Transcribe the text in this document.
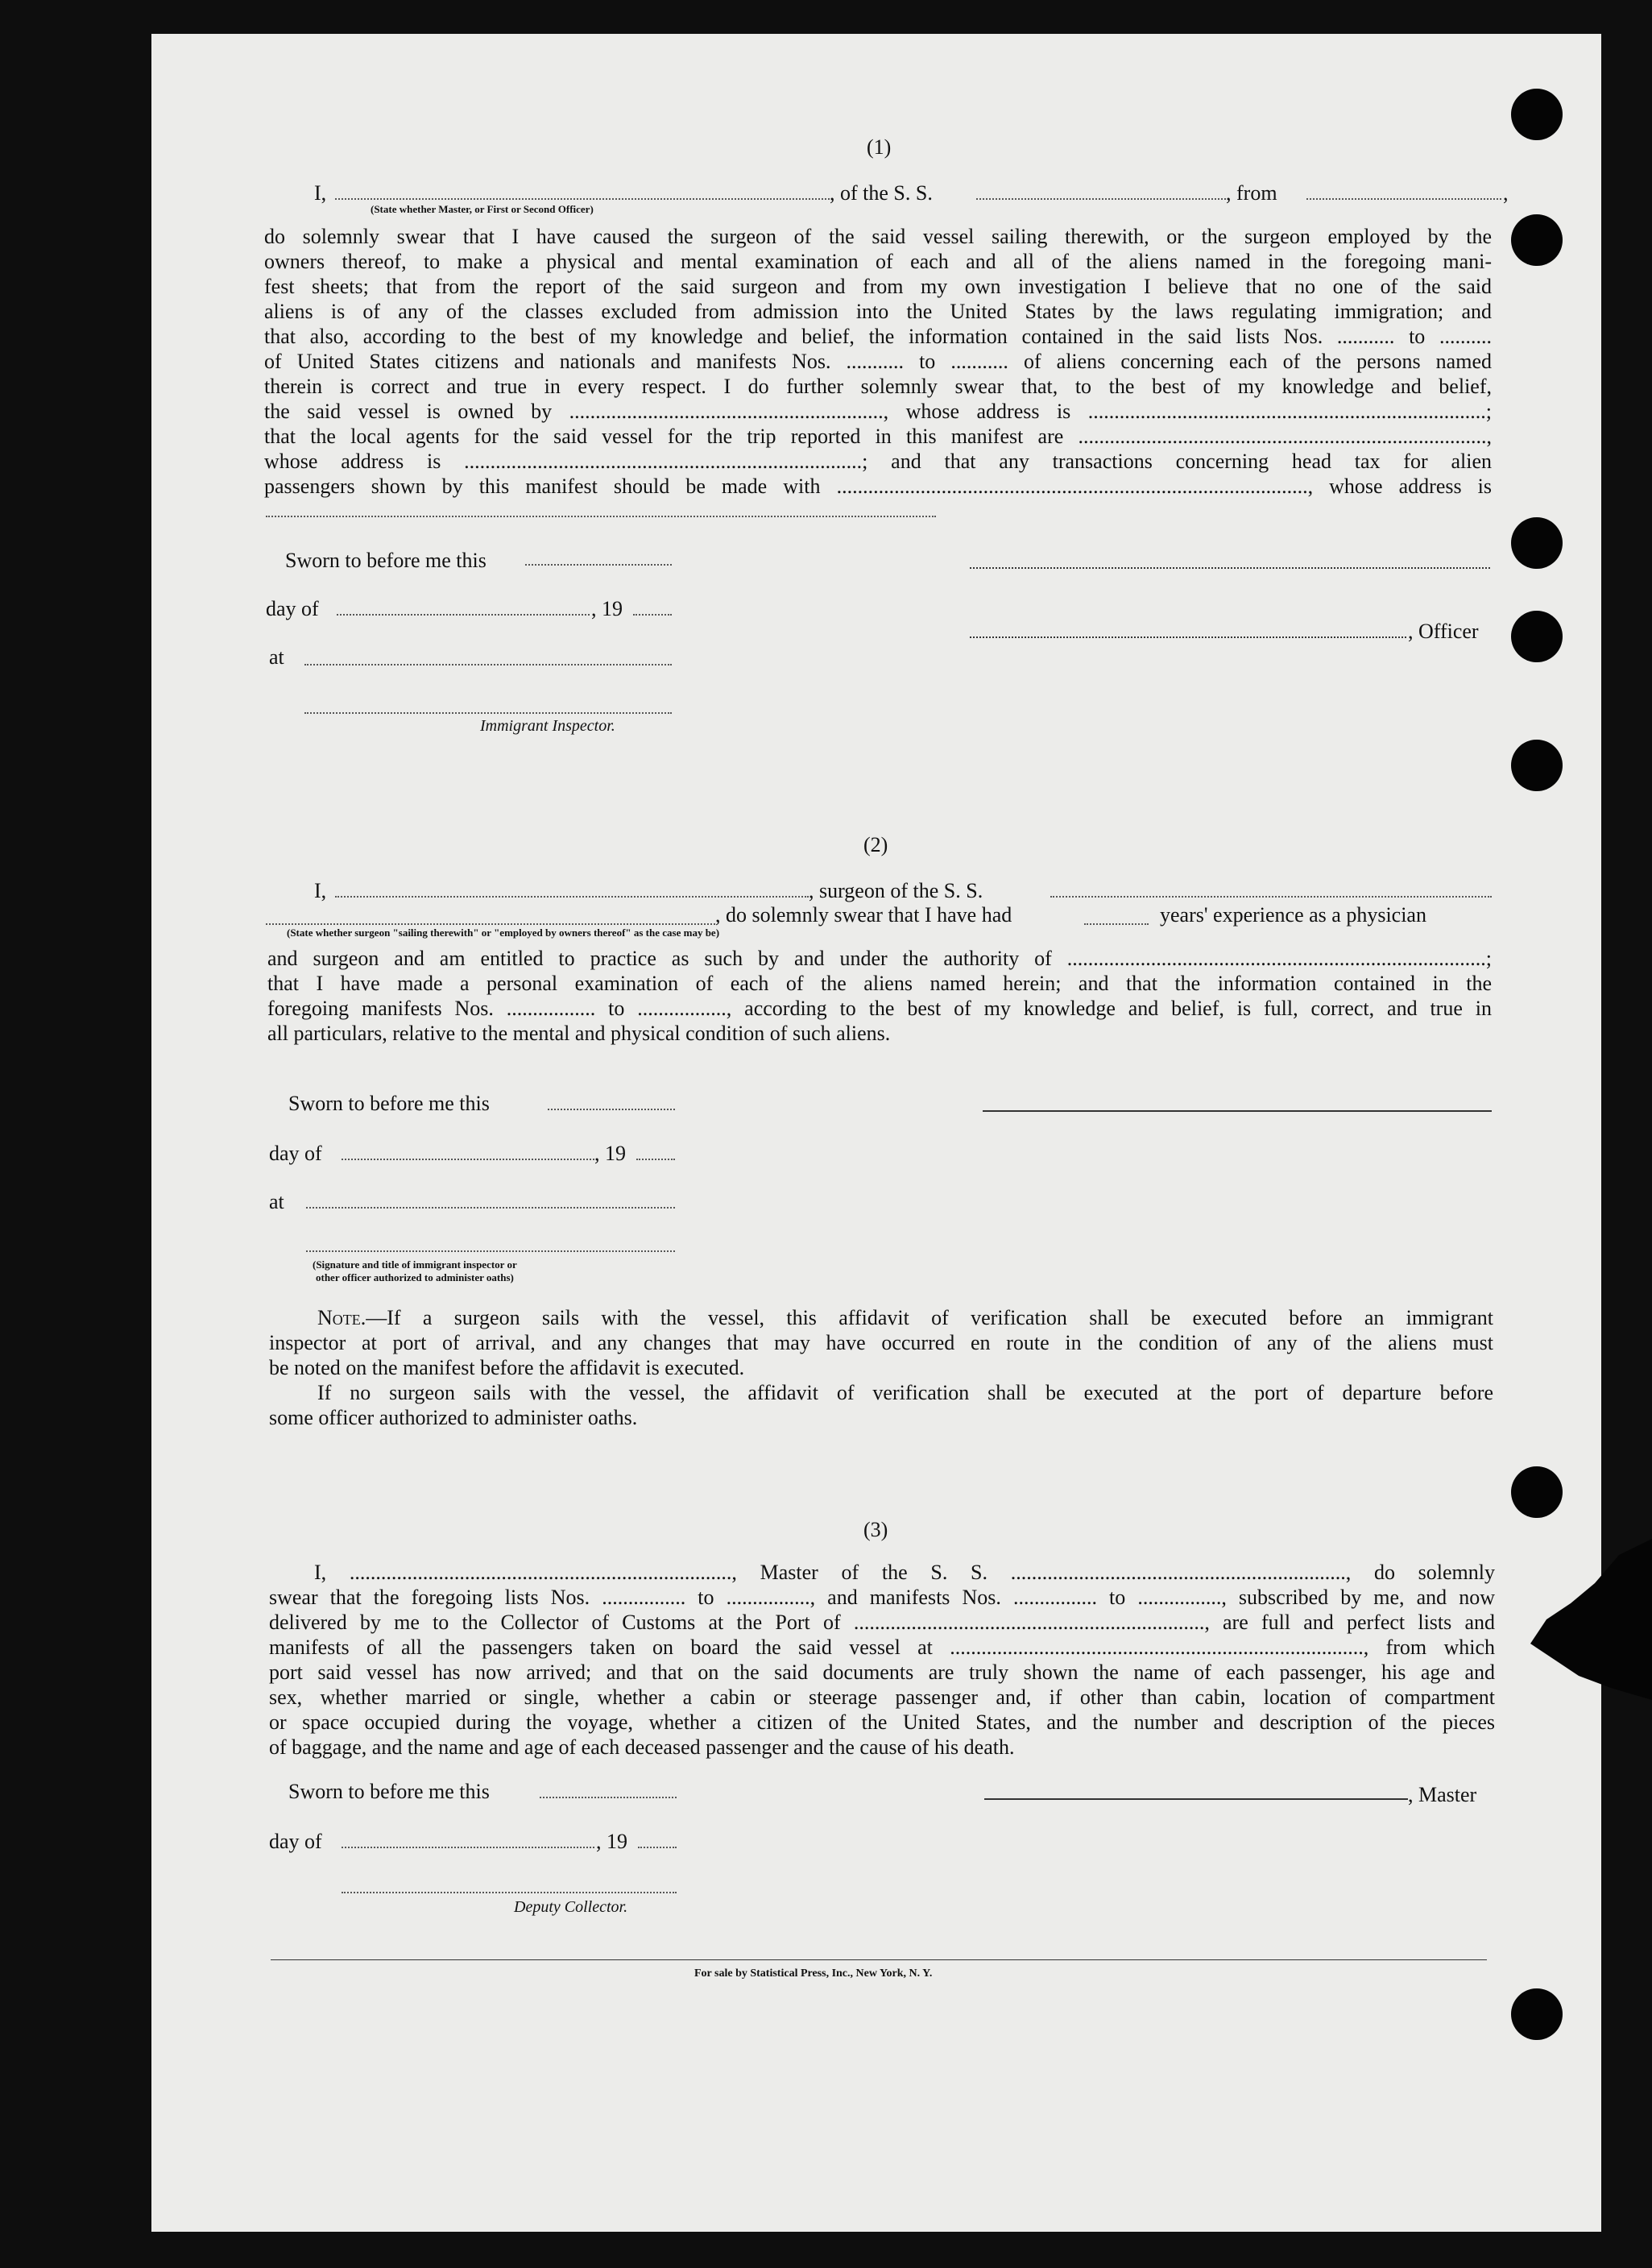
(1)
I,
(State whether Master, or First or Second Officer)
, of the S. S.	, from	,
do solemnly swear that I have caused the surgeon of the said vessel sailing therewith, or the surgeon employed by the
owners thereof, to make a physical and mental examination of each and all of the aliens named in the foregoing mani-
fest sheets; that from the report of the said surgeon and from my own investigation I believe that no one of the said
aliens is of any of the classes excluded from admission into the United States by the laws regulating immigration; and
that also, according to the best of my knowledge and belief, the information contained in the said lists Nos. ........... to ..........
of United States citizens and nationals and manifests Nos. ........... to ........... of aliens concerning each of the persons named
therein is correct and true in every respect. I do further solemnly swear that, to the best of my knowledge and belief,
the said vessel is owned by ............................................................, whose address is ............................................................................;
that the local agents for the said vessel for the trip reported in this manifest are ..............................................................................,
whose address is ............................................................................; and that any transactions concerning head tax for alien
passengers shown by this manifest should be made with .........................................................................................., whose address is
Sworn to before me this
day of	, 19
, Officer
at
Immigrant Inspector.
(2)
I,	, surgeon of the S. S.
, do solemnly swear that I have had	years' experience as a physician
(State whether surgeon "sailing therewith" or "employed by owners thereof" as the case may be)
and surgeon and am entitled to practice as such by and under the authority of ................................................................................;
that I have made a personal examination of each of the aliens named herein; and that the information contained in the
foregoing manifests Nos. ................. to ................., according to the best of my knowledge and belief, is full, correct, and true in
all particulars, relative to the mental and physical condition of such aliens.
Sworn to before me this
day of	, 19
at
(Signature and title of immigrant inspector or
other officer authorized to administer oaths)
Note.—If a surgeon sails with the vessel, this affidavit of verification shall be executed before an immigrant
inspector at port of arrival, and any changes that may have occurred en route in the condition of any of the aliens must
be noted on the manifest before the affidavit is executed.
If no surgeon sails with the vessel, the affidavit of verification shall be executed at the port of departure before
some officer authorized to administer oaths.
(3)
I, ........................................................................., Master of the S. S. ................................................................, do solemnly
swear that the foregoing lists Nos. ................ to ................, and manifests Nos. ................ to ................, subscribed by me, and now
delivered by me to the Collector of Customs at the Port of ..................................................................., are full and perfect lists and
manifests of all the passengers taken on board the said vessel at ..............................................................................., from which
port said vessel has now arrived; and that on the said documents are truly shown the name of each passenger, his age and
sex, whether married or single, whether a cabin or steerage passenger and, if other than cabin, location of compartment
or space occupied during the voyage, whether a citizen of the United States, and the number and description of the pieces
of baggage, and the name and age of each deceased passenger and the cause of his death.
Sworn to before me this	, Master
day of	, 19
Deputy Collector.
For sale by Statistical Press, Inc., New York, N. Y.
